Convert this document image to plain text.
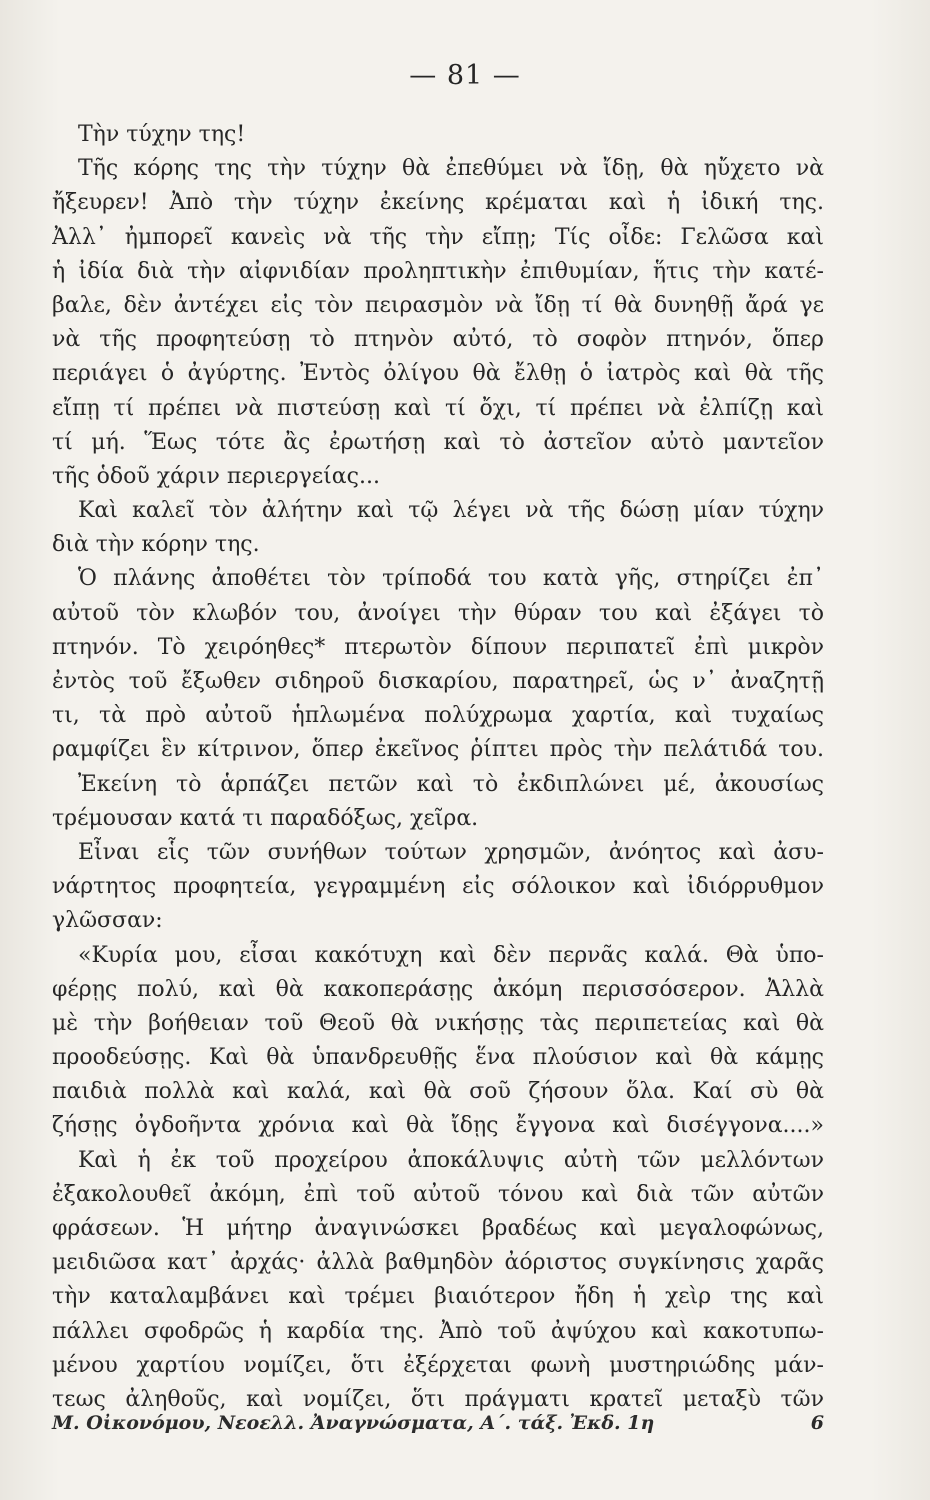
— 81 —
Τὴν τύχην της!
Τῆς κόρης της τὴν τύχην θὰ ἐπεθύμει νὰ ἴδῃ, θὰ ηὔχετο νὰ
ἤξευρεν! Ἀπὸ τὴν τύχην ἐκείνης κρέμαται καὶ ἡ ἰδική της.
Ἀλλ᾽ ἠμπορεῖ κανεὶς νὰ τῆς τὴν εἴπῃ; Τίς οἶδε: Γελῶσα καὶ
ἡ ἰδία διὰ τὴν αἰφνιδίαν προληπτικὴν ἐπιθυμίαν, ἥτις τὴν κατέ-
βαλε, δὲν ἀντέχει εἰς τὸν πειρασμὸν νὰ ἴδῃ τί θὰ δυνηθῇ ἄρά γε
νὰ τῆς προφητεύσῃ τὸ πτηνὸν αὐτό, τὸ σοφὸν πτηνόν, ὅπερ
περιάγει ὁ ἀγύρτης. Ἐντὸς ὀλίγου θὰ ἔλθῃ ὁ ἰατρὸς καὶ θὰ τῆς
εἴπῃ τί πρέπει νὰ πιστεύσῃ καὶ τί ὄχι, τί πρέπει νὰ ἐλπίζῃ καὶ
τί μή. Ἕως τότε ἂς ἐρωτήσῃ καὶ τὸ ἀστεῖον αὐτὸ μαντεῖον
τῆς ὁδοῦ χάριν περιεργείας...
Καὶ καλεῖ τὸν ἀλήτην καὶ τῷ λέγει νὰ τῆς δώσῃ μίαν τύχην
διὰ τὴν κόρην της.
Ὁ πλάνης ἀποθέτει τὸν τρίποδά του κατὰ γῆς, στηρίζει ἐπ᾽
αὐτοῦ τὸν κλωβόν του, ἀνοίγει τὴν θύραν του καὶ ἐξάγει τὸ
πτηνόν. Τὸ χειρόηθες* πτερωτὸν δίπουν περιπατεῖ ἐπὶ μικρὸν
ἐντὸς τοῦ ἔξωθεν σιδηροῦ δισκαρίου, παρατηρεῖ, ὡς ν᾽ ἀναζητῇ
τι, τὰ πρὸ αὐτοῦ ἡπλωμένα πολύχρωμα χαρτία, καὶ τυχαίως
ραμφίζει ἓν κίτρινον, ὅπερ ἐκεῖνος ῥίπτει πρὸς τὴν πελάτιδά του.
Ἐκείνη τὸ ἁρπάζει πετῶν καὶ τὸ ἐκδιπλώνει μέ, ἀκουσίως
τρέμουσαν κατά τι παραδόξως, χεῖρα.
Εἶναι εἷς τῶν συνήθων τούτων χρησμῶν, ἀνόητος καὶ ἀσυ-
νάρτητος προφητεία, γεγραμμένη εἰς σόλοικον καὶ ἰδιόρρυθμον
γλῶσσαν:
«Κυρία μου, εἶσαι κακότυχη καὶ δὲν περνᾶς καλά. Θὰ ὑπο-
φέρῃς πολύ, καὶ θὰ κακοπεράσῃς ἀκόμη περισσόσερον. Ἀλλὰ
μὲ τὴν βοήθειαν τοῦ Θεοῦ θὰ νικήσῃς τὰς περιπετείας καὶ θὰ
προοδεύσῃς. Καὶ θὰ ὑπανδρευθῇς ἕνα πλούσιον καὶ θὰ κάμῃς
παιδιὰ πολλὰ καὶ καλά, καὶ θὰ σοῦ ζήσουν ὅλα. Καί σὺ θὰ
ζήσῃς ὀγδοῆντα χρόνια καὶ θὰ ἴδῃς ἔγγονα καὶ δισέγγονα....»
Καὶ ἡ ἐκ τοῦ προχείρου ἀποκάλυψις αὐτὴ τῶν μελλόντων
ἐξακολουθεῖ ἀκόμη, ἐπὶ τοῦ αὐτοῦ τόνου καὶ διὰ τῶν αὐτῶν
φράσεων. Ἡ μήτηρ ἀναγινώσκει βραδέως καὶ μεγαλοφώνως,
μειδιῶσα κατ᾽ ἀρχάς· ἀλλὰ βαθμηδὸν ἀόριστος συγκίνησις χαρᾶς
τὴν καταλαμβάνει καὶ τρέμει βιαιότερον ἤδη ἡ χεὶρ της καὶ
πάλλει σφοδρῶς ἡ καρδία της. Ἀπὸ τοῦ ἀψύχου καὶ κακοτυπω-
μένου χαρτίου νομίζει, ὅτι ἐξέρχεται φωνὴ μυστηριώδης μάν-
τεως ἀληθοῦς, καὶ νομίζει, ὅτι πράγματι κρατεῖ μεταξὺ τῶν
Μ. Οἰκονόμου, Νεοελλ. Ἀναγνώσματα, Α΄. τάξ. Ἐκδ. 1η	6
